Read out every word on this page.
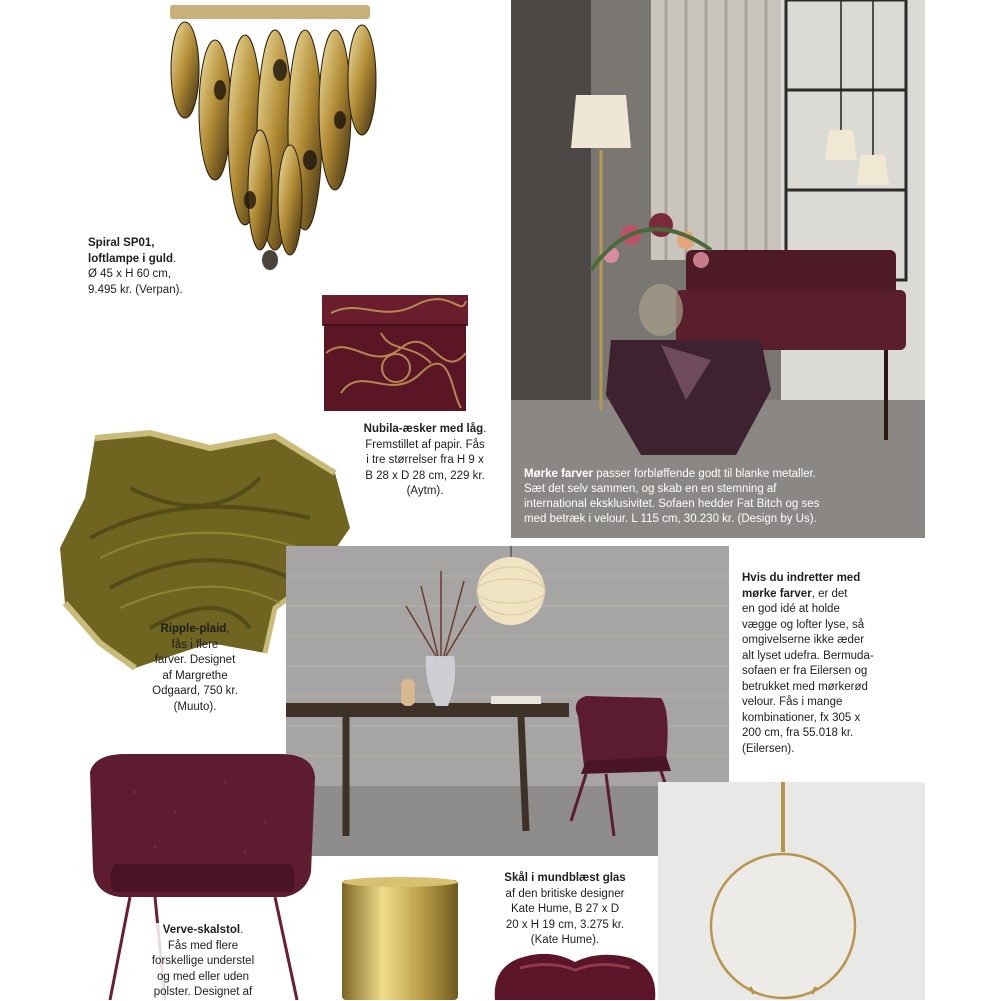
Spiral SP01,
loftlampe i guld.
Ø 45 x H 60 cm,
9.495 kr. (Verpan).
Nubila-æsker med låg.
Fremstillet af papir. Fås
i tre størrelser fra H 9 x
B 28 x D 28 cm, 229 kr.
(Aytm).
Mørke farver passer forbløffende godt til blanke metaller.
Sæt det selv sammen, og skab en en stemning af
international eksklusivitet. Sofaen hedder Fat Bitch og ses
med betræk i velour. L 115 cm, 30.230 kr. (Design by Us).
Ripple-plaid,
fås i flere
farver. Designet
af Margrethe
Odgaard, 750 kr.
(Muuto).
Hvis du indretter med
mørke farver, er det
en god idé at holde
vægge og lofter lyse, så
omgivelserne ikke æder
alt lyset udefra. Bermuda-
sofaen er fra Eilersen og
betrukket med mørkerød
velour. Fås i mange
kombinationer, fx 305 x
200 cm, fra 55.018 kr.
(Eilersen).
Verve-skalstol.
Fås med flere
forskellige understel
og med eller uden
polster. Designet af
Skål i mundblæst glas
af den britiske designer
Kate Hume, B 27 x D
20 x H 19 cm, 3.275 kr.
(Kate Hume).
